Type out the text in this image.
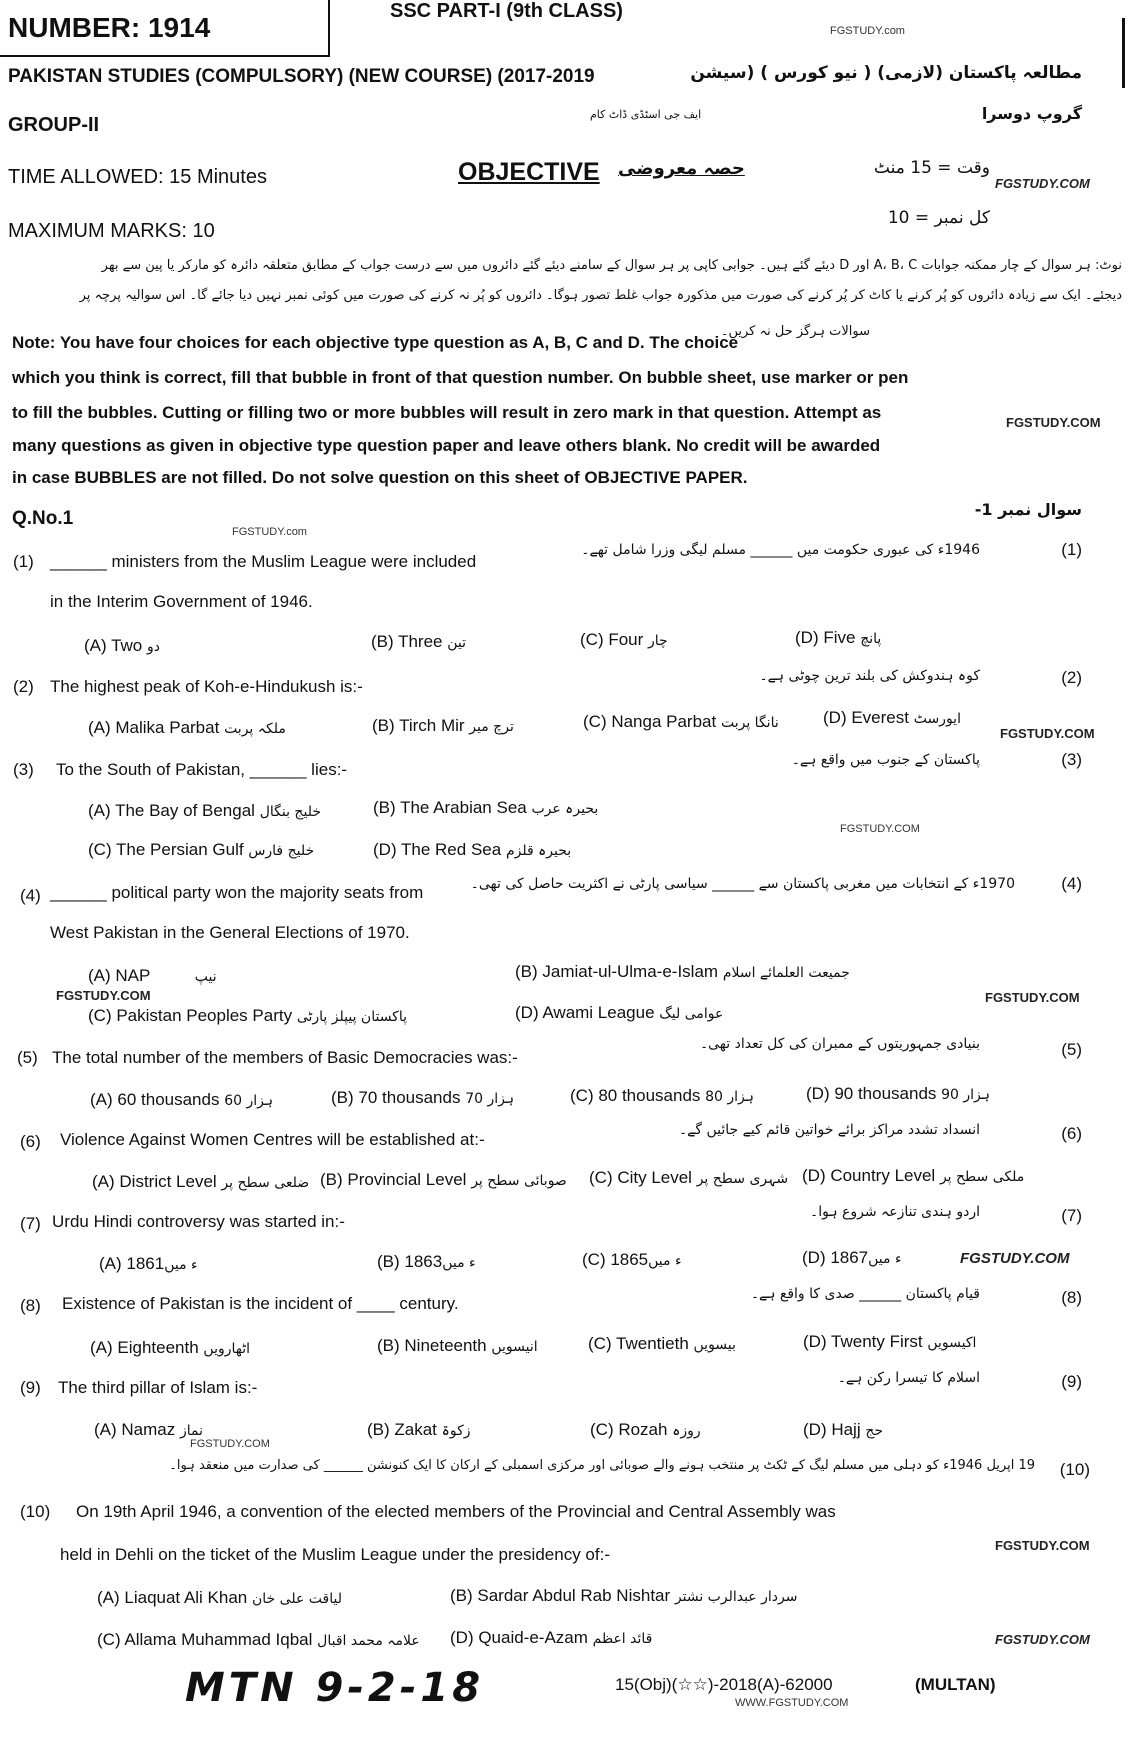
NUMBER: 1914
SSC PART-I (9th CLASS)
FGSTUDY.com
PAKISTAN STUDIES (COMPULSORY) (NEW COURSE) (2017-2019	مطالعہ پاکستان (لازمی) ( نیو کورس ) (سیشن
GROUP-II	ایف جی اسٹڈی ڈاٹ کام	گروپ دوسرا
TIME ALLOWED: 15 Minutes	OBJECTIVE حصہ معروضی	وقت = 15 منٹ
FGSTUDY.COM
MAXIMUM MARKS: 10
کل نمبر = 10
نوٹ: ہر سوال کے چار ممکنہ جوابات A، B، C اور D دیئے گئے ہیں۔ جوابی کاپی پر ہر سوال کے سامنے دیئے گئے دائروں میں سے درست جواب کے مطابق متعلقہ دائرہ کو مارکر یا پین سے بھر
دیجئے۔ ایک سے زیادہ دائروں کو پُر کرنے یا کاٹ کر پُر کرنے کی صورت میں مذکورہ جواب غلط تصور ہوگا۔ دائروں کو پُر نہ کرنے کی صورت میں کوئی نمبر نہیں دیا جائے گا۔ اس سوالیہ پرچہ پر
سوالات ہرگز حل نہ کریں۔
Note: You have four choices for each objective type question as A, B, C and D. The choice
which you think is correct, fill that bubble in front of that question number. On bubble sheet, use marker or pen
to fill the bubbles. Cutting or filling two or more bubbles will result in zero mark in that question. Attempt as
many questions as given in objective type question paper and leave others blank. No credit will be awarded
FGSTUDY.COM
in case BUBBLES are not filled. Do not solve question on this sheet of OBJECTIVE PAPER.
Q.No.1	سوال نمبر 1-
FGSTUDY.com
(1) ______ ministers from the Muslim League were included
in the Interim Government of 1946.
1946ء کی عبوری حکومت میں ______ مسلم لیگی وزرا شامل تھے۔	(1)
(A) Two دو	(B) Three تین	(C) Four چار	(D) Five پانچ
(2) The highest peak of Koh-e-Hindukush is:-
کوہ ہندوکش کی بلند ترین چوٹی ہے۔	(2)
(A) Malika Parbat ملکہ پربت	(B) Tirch Mir ترچ میر	(C) Nanga Parbat نانگا پربت	(D) Everest ایورسٹ
FGSTUDY.COM
(3) To the South of Pakistan, ______ lies:-	پاکستان کے جنوب میں واقع ہے۔	(3)
(A) The Bay of Bengal خلیج بنگال	(B) The Arabian Sea بحیرہ عرب
FGSTUDY.COM
(C) The Persian Gulf خلیج فارس	(D) The Red Sea بحیرہ قلزم
(4) ______ political party won the majority seats from
West Pakistan in the General Elections of 1970.
1970ء کے انتخابات میں مغربی پاکستان سے ______ سیاسی پارٹی نے اکثریت حاصل کی تھی۔	(4)
(A) NAP	نیپ
FGSTUDY.COM
(B) Jamiat-ul-Ulma-e-Islam جمیعت العلمائے اسلام
(C) Pakistan Peoples Party پاکستان پیپلز پارٹی	(D) Awami League عوامی لیگ
FGSTUDY.COM
(5) The total number of the members of Basic Democracies was:-
بنیادی جمہوریتوں کے ممبران کی کل تعداد تھی۔	(5)
(A) 60 thousands 60 ہزار	(B) 70 thousands 70 ہزار	(C) 80 thousands 80 ہزار	(D) 90 thousands 90 ہزار
(6) Violence Against Women Centres will be established at:-	انسداد تشدد مراکز برائے خواتین قائم کیے جائیں گے۔	(6)
(A) District Level ضلعی سطح پر (B) Provincial Level صوبائی سطح پر (C) City Level شہری سطح پر (D) Country Level ملکی سطح پر
(7) Urdu Hindi controversy was started in:-	اردو ہندی تنازعہ شروع ہوا۔	(7)
(A) 1861ء میں	(B) 1863ء میں	(C) 1865ء میں	(D) 1867ء میں	FGSTUDY.COM
(8) Existence of Pakistan is the incident of ____ century.	قیام پاکستان ______ صدی کا واقع ہے۔	(8)
(A) Eighteenth اٹھارویں	(B) Nineteenth انیسویں	(C) Twentieth بیسویں	(D) Twenty First اکیسویں
(9) The third pillar of Islam is:-	اسلام کا تیسرا رکن ہے۔	(9)
(A) Namaz نماز
FGSTUDY.COM
(B) Zakat زکوۃ	(C) Rozah روزہ	(D) Hajj حج
19 اپریل 1946ء کو دہلی میں مسلم لیگ کے ٹکٹ پر منتخب ہونے والے صوبائی اور مرکزی اسمبلی کے ارکان کا ایک کنونشن ______ کی صدارت میں منعقد ہوا۔ (10)
(10) On 19th April 1946, a convention of the elected members of the Provincial and Central Assembly was
held in Dehli on the ticket of the Muslim League under the presidency of:-	FGSTUDY.COM
(A) Liaquat Ali Khan لیاقت علی خان	(B) Sardar Abdul Rab Nishtar سردار عبدالرب نشتر
(C) Allama Muhammad Iqbal علامہ محمد اقبال (D) Quaid-e-Azam قائد اعظم	FGSTUDY.COM
MTN 9-2-18	15(Obj)(☆☆)-2018(A)-62000	(MULTAN)
WWW.FGSTUDY.COM
